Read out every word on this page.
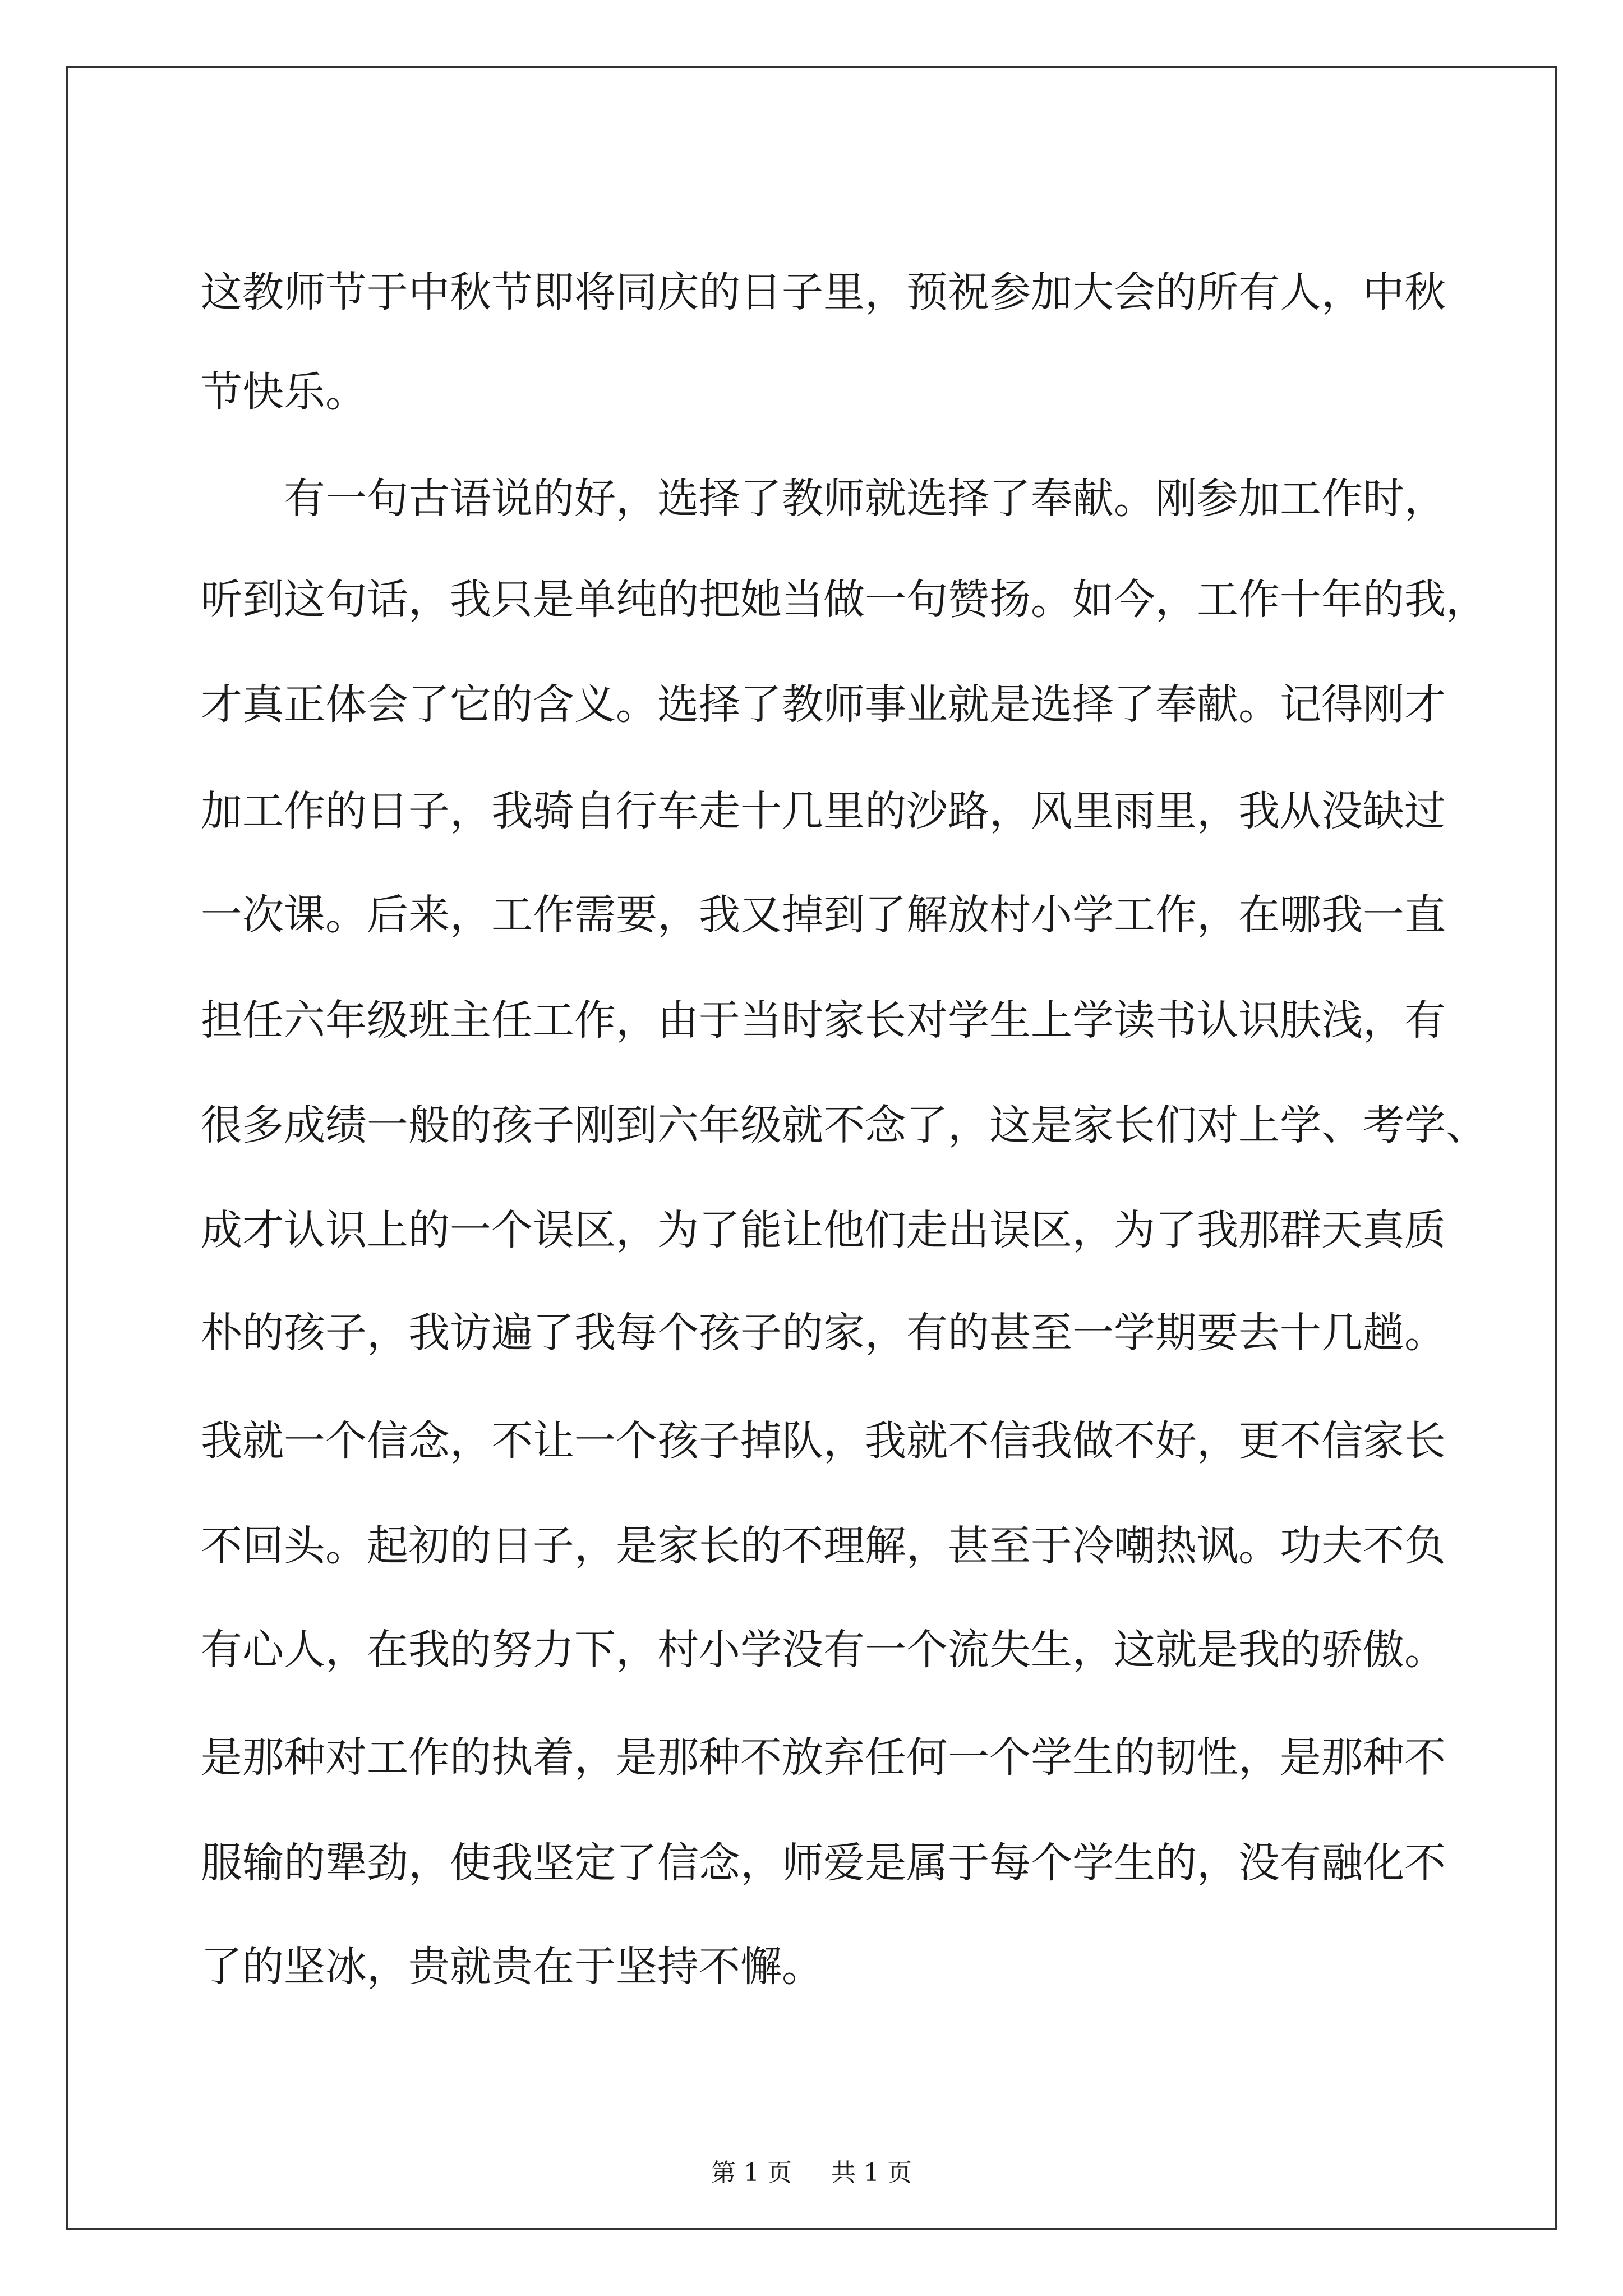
这教师节于中秋节即将同庆的日子里，预祝参加大会的所有人，中秋
节快乐。
有一句古语说的好，选择了教师就选择了奉献。刚参加工作时，
听到这句话，我只是单纯的把她当做一句赞扬。如今，工作十年的我，
才真正体会了它的含义。选择了教师事业就是选择了奉献。记得刚才
加工作的日子，我骑自行车走十几里的沙路，风里雨里，我从没缺过
一次课。后来，工作需要，我又掉到了解放村小学工作，在哪我一直
担任六年级班主任工作，由于当时家长对学生上学读书认识肤浅，有
很多成绩一般的孩子刚到六年级就不念了，这是家长们对上学、考学、
成才认识上的一个误区，为了能让他们走出误区，为了我那群天真质
朴的孩子，我访遍了我每个孩子的家，有的甚至一学期要去十几趟。
我就一个信念，不让一个孩子掉队，我就不信我做不好，更不信家长
不回头。起初的日子，是家长的不理解，甚至于冷嘲热讽。功夫不负
有心人，在我的努力下，村小学没有一个流失生，这就是我的骄傲。
是那种对工作的执着，是那种不放弃任何一个学生的韧性，是那种不
服输的犟劲，使我坚定了信念，师爱是属于每个学生的，没有融化不
了的坚冰，贵就贵在于坚持不懈。
第 1 页 共 1 页
